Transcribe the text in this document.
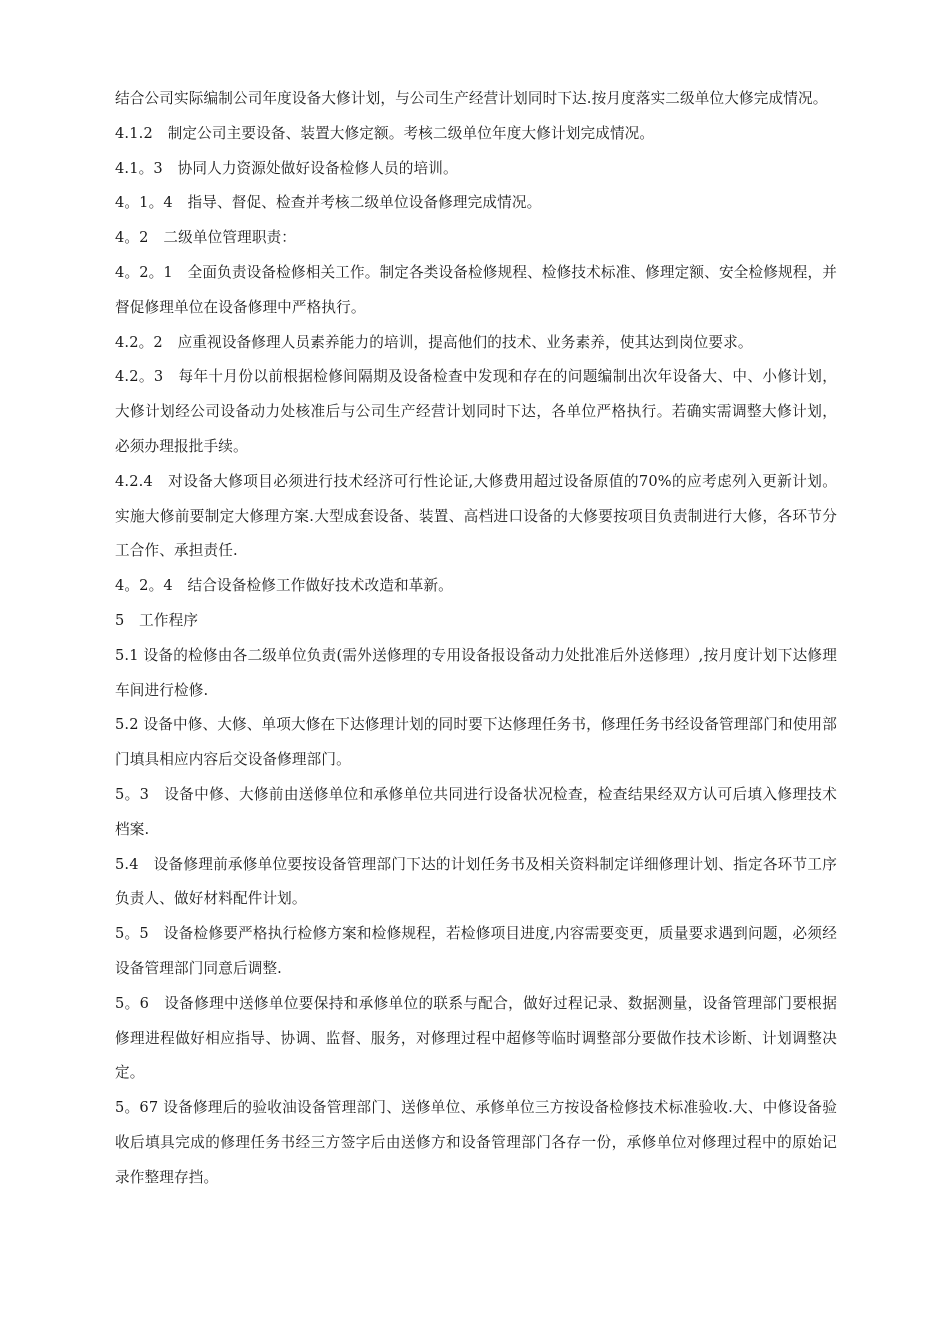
结合公司实际编制公司年度设备大修计划，与公司生产经营计划同时下达.按月度落实二级单位大修完成情况。

4.1.2　制定公司主要设备、装置大修定额。考核二级单位年度大修计划完成情况。

4.1。3　协同人力资源处做好设备检修人员的培训。

4。1。4　指导、督促、检查并考核二级单位设备修理完成情况。

4。2　二级单位管理职责：

4。2。1　全面负责设备检修相关工作。制定各类设备检修规程、检修技术标准、修理定额、安全检修规程，并督促修理单位在设备修理中严格执行。

4.2。2　应重视设备修理人员素养能力的培训，提高他们的技术、业务素养，使其达到岗位要求。

4.2。3　每年十月份以前根据检修间隔期及设备检查中发现和存在的问题编制出次年设备大、中、小修计划，大修计划经公司设备动力处核准后与公司生产经营计划同时下达，各单位严格执行。若确实需调整大修计划，必须办理报批手续。

4.2.4　对设备大修项目必须进行技术经济可行性论证,大修费用超过设备原值的70%的应考虑列入更新计划。实施大修前要制定大修理方案.大型成套设备、装置、高档进口设备的大修要按项目负责制进行大修，各环节分工合作、承担责任.

4。2。4　结合设备检修工作做好技术改造和革新。

5　工作程序

5.1 设备的检修由各二级单位负责(需外送修理的专用设备报设备动力处批准后外送修理）,按月度计划下达修理车间进行检修.

5.2 设备中修、大修、单项大修在下达修理计划的同时要下达修理任务书，修理任务书经设备管理部门和使用部门填具相应内容后交设备修理部门。

5。3　设备中修、大修前由送修单位和承修单位共同进行设备状况检查，检查结果经双方认可后填入修理技术档案.

5.4　设备修理前承修单位要按设备管理部门下达的计划任务书及相关资料制定详细修理计划、指定各环节工序负责人、做好材料配件计划。

5。5　设备检修要严格执行检修方案和检修规程，若检修项目进度,内容需要变更，质量要求遇到问题，必须经设备管理部门同意后调整.

5。6　设备修理中送修单位要保持和承修单位的联系与配合，做好过程记录、数据测量，设备管理部门要根据修理进程做好相应指导、协调、监督、服务，对修理过程中超修等临时调整部分要做作技术诊断、计划调整决定。

5。67 设备修理后的验收油设备管理部门、送修单位、承修单位三方按设备检修技术标准验收.大、中修设备验收后填具完成的修理任务书经三方签字后由送修方和设备管理部门各存一份，承修单位对修理过程中的原始记录作整理存挡。
